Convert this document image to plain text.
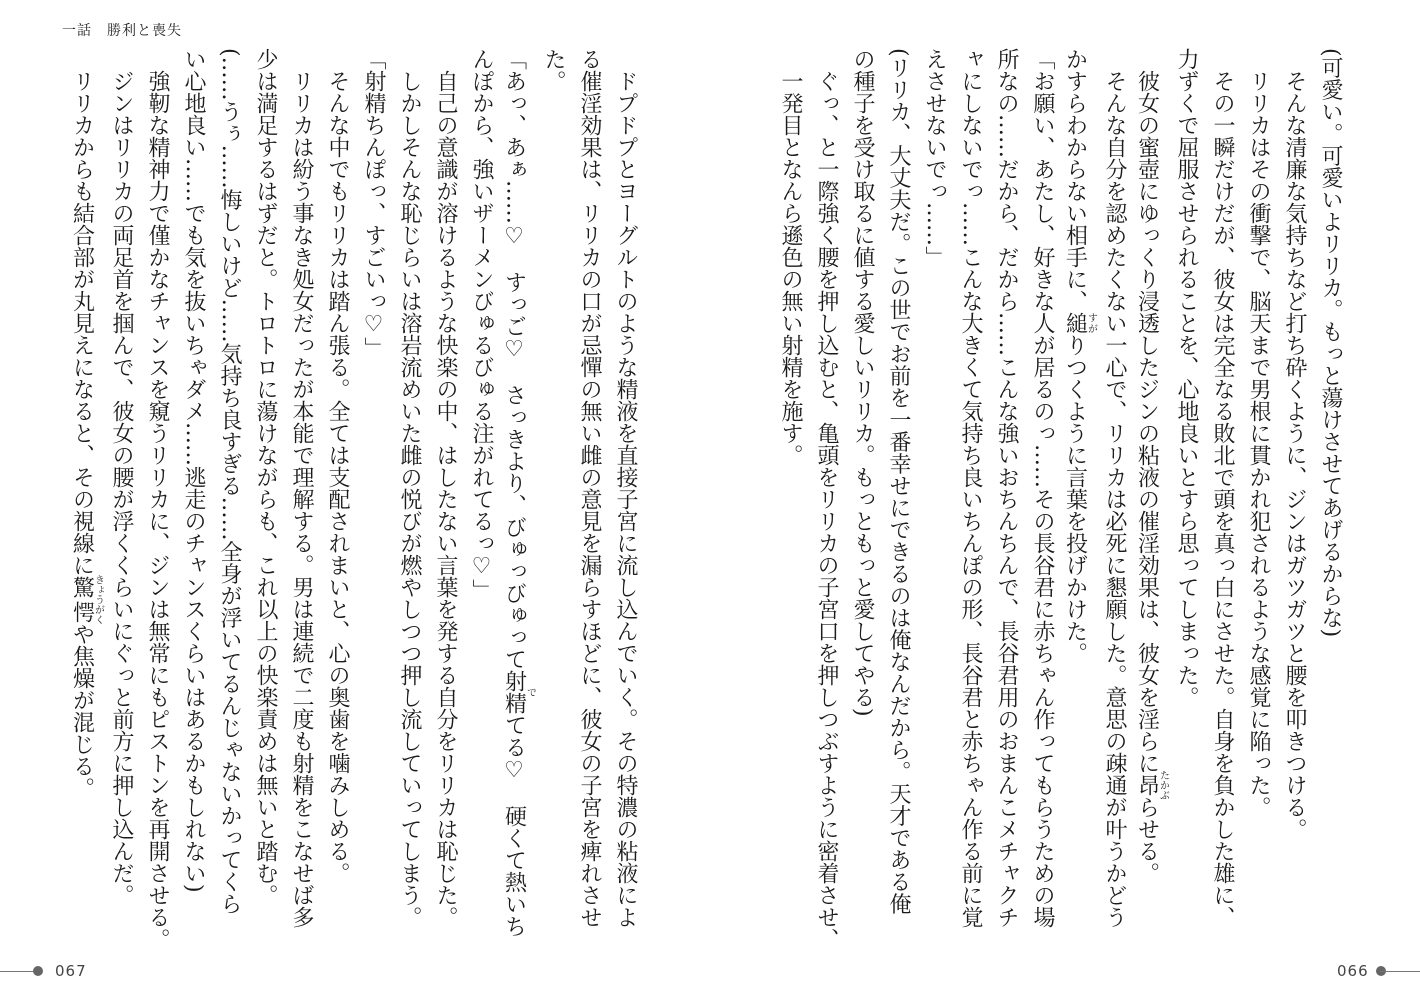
一話　勝利と喪失
(可愛い。可愛いよリリカ。もっと蕩けさせてあげるからな)
そんな清廉な気持ちなど打ち砕くように、ジンはガツガツと腰を叩きつける。
リリカはその衝撃で、脳天まで男根に貫かれ犯されるような感覚に陥った。
その一瞬だけだが、彼女は完全なる敗北で頭を真っ白にさせた。自身を負かした雄に、
力ずくで屈服させられることを、心地良いとすら思ってしまった。
彼女の蜜壺にゆっくり浸透したジンの粘液の催淫効果は、彼女を淫らに昂たかぶらせる。
そんな自分を認めたくない一心で、リリカは必死に懇願した。意思の疎通が叶うかどう
かすらわからない相手に、縋すがりつくように言葉を投げかけた。
「お願い、あたし、好きな人が居るのっ……その長谷君に赤ちゃん作ってもらうための場
所なの……だから、だから……こんな強いおちんちんで、長谷君用のおまんこメチャクチ
ャにしないでっ……こんな大きくて気持ち良いちんぽの形、長谷君と赤ちゃん作る前に覚
えさせないでっ……」
(リリカ、大丈夫だ。この世でお前を一番幸せにできるのは俺なんだから。天才である俺
の種子を受け取るに値する愛しいリリカ。もっともっと愛してやる)
ぐっ、と一際強く腰を押し込むと、亀頭をリリカの子宮口を押しつぶすように密着させ、
一発目となんら遜色の無い射精を施す。
ドプドプとヨーグルトのような精液を直接子宮に流し込んでいく。その特濃の粘液によ
る催淫効果は、リリカの口が忌憚の無い雌の意見を漏らすほどに、彼女の子宮を痺れさせ
た。
「あっ、あぁ……♡　すっご♡　さっきより、びゅっびゅって射精でてる♡　硬くて熱いち
んぽから、強いザーメンびゅるびゅる注がれてるっ♡」
自己の意識が溶けるような快楽の中、はしたない言葉を発する自分をリリカは恥じた。
しかしそんな恥じらいは溶岩流めいた雌の悦びが燃やしつつ押し流していってしまう。
「射精ちんぽっ、すごいっ♡」
そんな中でもリリカは踏ん張る。全ては支配されまいと、心の奥歯を噛みしめる。
リリカは紛う事なき処女だったが本能で理解する。男は連続で二度も射精をこなせば多
少は満足するはずだと。トロトロに蕩けながらも、これ以上の快楽責めは無いと踏む。
(……うぅ……悔しいけど……気持ち良すぎる……全身が浮いてるんじゃないかってくら
い心地良い……でも気を抜いちゃダメ……逃走のチャンスくらいはあるかもしれない)
強靭な精神力で僅かなチャンスを窺うリリカに、ジンは無常にもピストンを再開させる。
ジンはリリカの両足首を掴んで、彼女の腰が浮くくらいにぐっと前方に押し込んだ。
リリカからも結合部が丸見えになると、その視線に驚愕きょうがくや焦燥が混じる。
067	066
